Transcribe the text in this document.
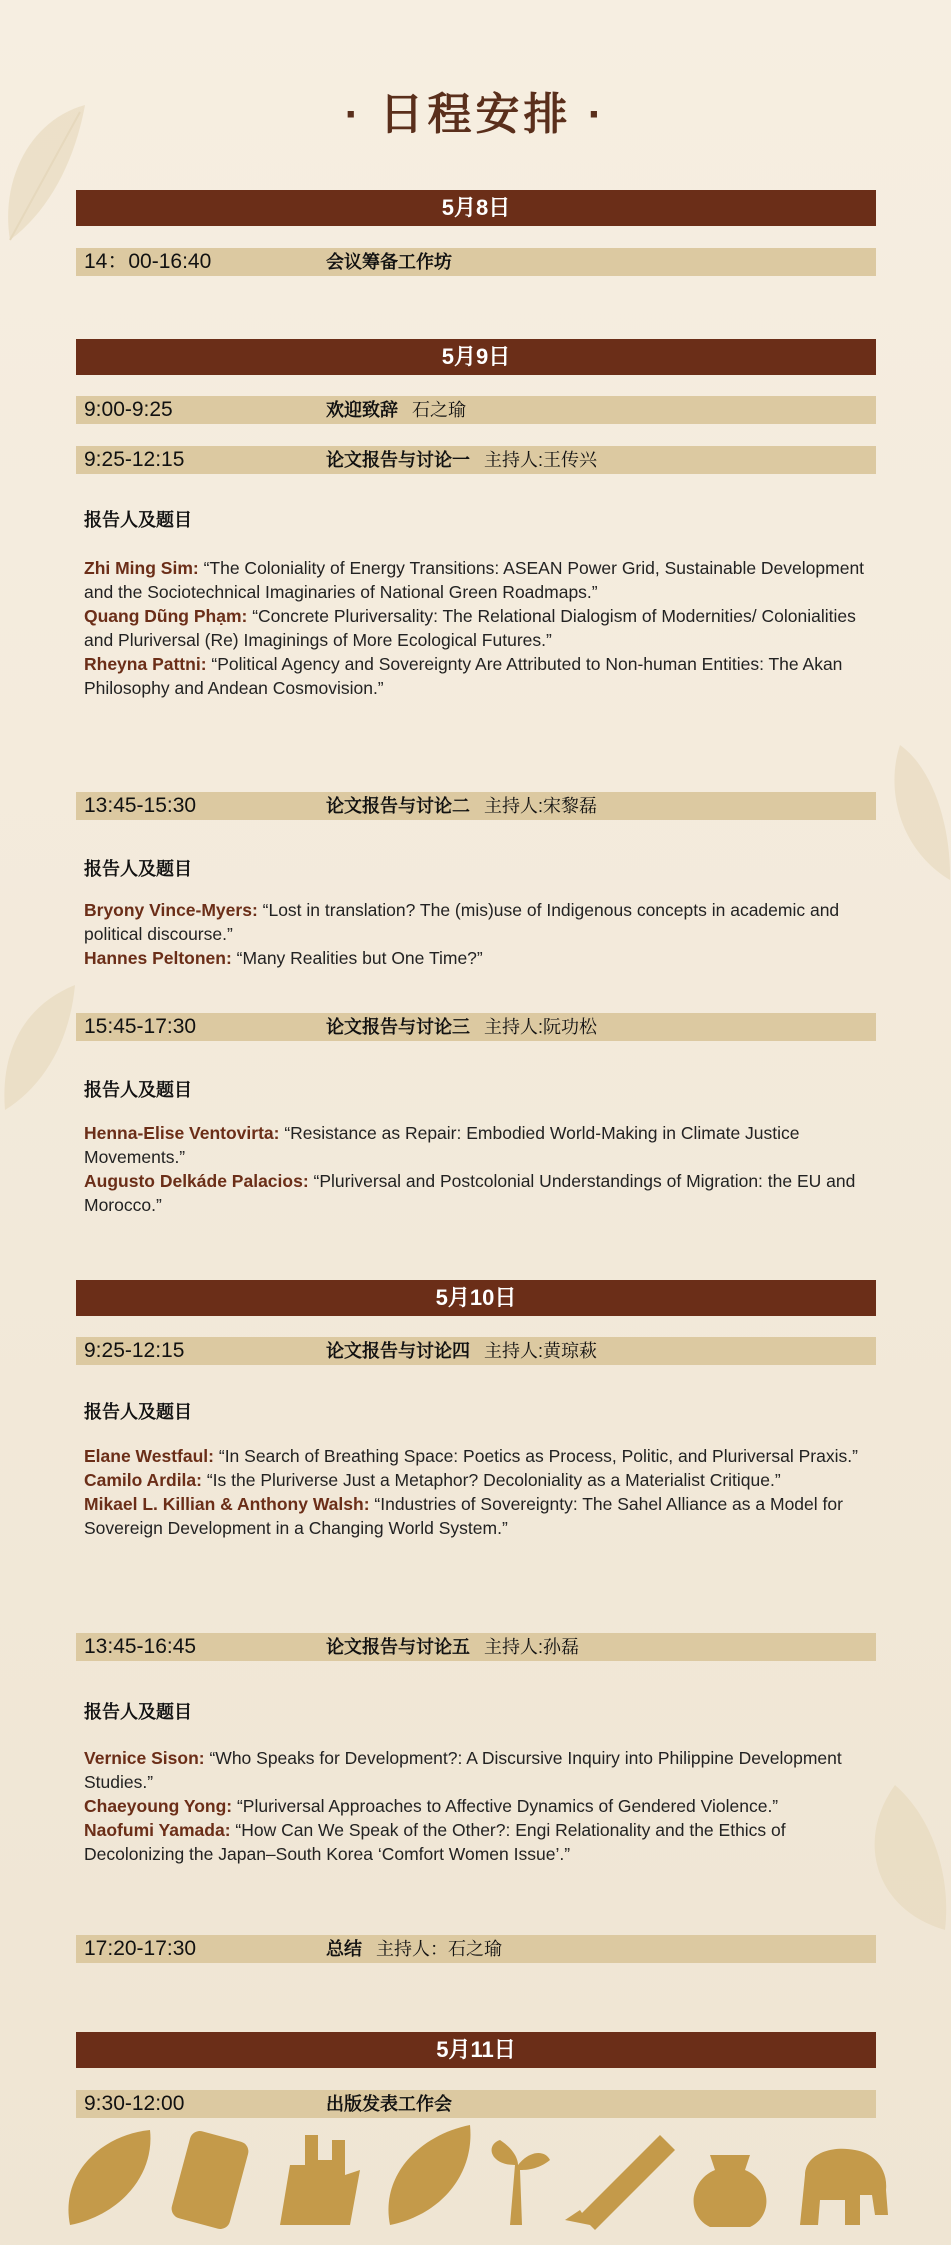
· 日程安排 ·
5月8日
14：00-16:40	会议筹备工作坊
5月9日
9:00-9:25	欢迎致辞 石之瑜
9:25-12:15	论文报告与讨论一 主持人:王传兴
报告人及题目

Zhi Ming Sim: “The Coloniality of Energy Transitions: ASEAN Power Grid, Sustainable Development and the Sociotechnical Imaginaries of National Green Roadmaps.”

Quang Dũng Phạm: “Concrete Pluriversality: The Relational Dialogism of Modernities/ Colonialities and Pluriversal (Re) Imaginings of More Ecological Futures.”

Rheyna Pattni: “Political Agency and Sovereignty Are Attributed to Non-human Entities: The Akan Philosophy and Andean Cosmovision.”

13:45-15:30	论文报告与讨论二 主持人:宋黎磊
报告人及题目

Bryony Vince-Myers: “Lost in translation? The (mis)use of Indigenous concepts in academic and political discourse.”

Hannes Peltonen: “Many Realities but One Time?”

15:45-17:30	论文报告与讨论三 主持人:阮功松
报告人及题目

Henna-Elise Ventovirta: “Resistance as Repair: Embodied World-Making in Climate Justice Movements.”

Augusto Delkáde Palacios: “Pluriversal and Postcolonial Understandings of Migration: the EU and Morocco.”

5月10日
9:25-12:15	论文报告与讨论四 主持人:黄琼萩
报告人及题目

Elane Westfaul: “In Search of Breathing Space: Poetics as Process, Politic, and Pluriversal Praxis.”

Camilo Ardila: “Is the Pluriverse Just a Metaphor? Decoloniality as a Materialist Critique.”

Mikael L. Killian & Anthony Walsh: “Industries of Sovereignty: The Sahel Alliance as a Model for Sovereign Development in a Changing World System.”

13:45-16:45	论文报告与讨论五 主持人:孙磊
报告人及题目

Vernice Sison: “Who Speaks for Development?: A Discursive Inquiry into Philippine Development Studies.”

Chaeyoung Yong: “Pluriversal Approaches to Affective Dynamics of Gendered Violence.”

Naofumi Yamada: “How Can We Speak of the Other?: Engi Relationality and the Ethics of Decolonizing the Japan–South Korea ‘Comfort Women Issue’.”

17:20-17:30	总结 主持人：石之瑜
5月11日
9:30-12:00	出版发表工作会
